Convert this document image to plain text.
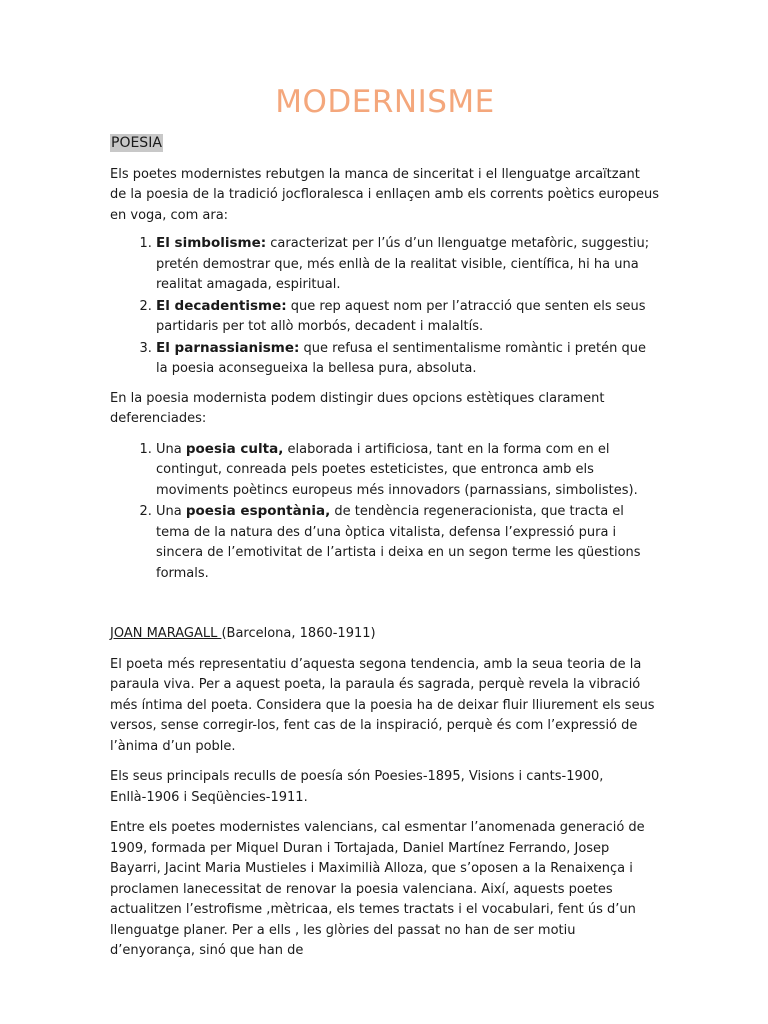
MODERNISME
POESIA

Els poetes modernistes rebutgen la manca de sinceritat i el llenguatge arcaïtzant de la poesia de la tradició jocfloralesca i enllaçen amb els corrents poètics europeus en voga, com ara:

1. El simbolisme: caracterizat per l’ús d’un llenguatge metafòric, suggestiu; pretén demostrar que, més enllà de la realitat visible, científica, hi ha una realitat amagada, espiritual.
2. El decadentisme: que rep aquest nom per l’atracció que senten els seus partidaris per tot allò morbós, decadent i malaltís.
3. El parnassianisme: que refusa el sentimentalisme romàntic i pretén que la poesia aconsegueixa la bellesa pura, absoluta.

En la poesia modernista podem distingir dues opcions estètiques clarament deferenciades:

1. Una poesia culta, elaborada i artificiosa, tant en la forma com en el contingut, conreada pels poetes esteticistes, que entronca amb els moviments poètincs europeus més innovadors (parnassians, simbolistes).
2. Una poesia espontània, de tendència regeneracionista, que tracta el tema de la natura des d’una òptica vitalista, defensa l’expressió pura i sincera de l’emotivitat de l’artista i deixa en un segon terme les qüestions formals.

JOAN MARAGALL (Barcelona, 1860-1911)

El poeta més representatiu d’aquesta segona tendencia, amb la seua teoria de la paraula viva. Per a aquest poeta, la paraula és sagrada, perquè revela la vibració més íntima del poeta. Considera que la poesia ha de deixar fluir lliurement els seus versos, sense corregir-los, fent cas de la inspiració, perquè és com l’expressió de l’ànima d’un poble.

Els seus principals reculls de poesía són Poesies-1895, Visions i cants-1900, Enllà-1906 i Seqüències-1911.

Entre els poetes modernistes valencians, cal esmentar l’anomenada generació de 1909, formada per Miquel Duran i Tortajada, Daniel Martínez Ferrando, Josep Bayarri, Jacint Maria Mustieles i Maximilià Alloza, que s’oposen a la Renaixença i proclamen lanecessitat de renovar la poesia valenciana. Així, aquests poetes actualitzen l’estrofisme ,mètricaa, els temes tractats i el vocabulari, fent ús d’un llenguatge planer. Per a ells , les glòries del passat no han de ser motiu d’enyorança, sinó que han de
